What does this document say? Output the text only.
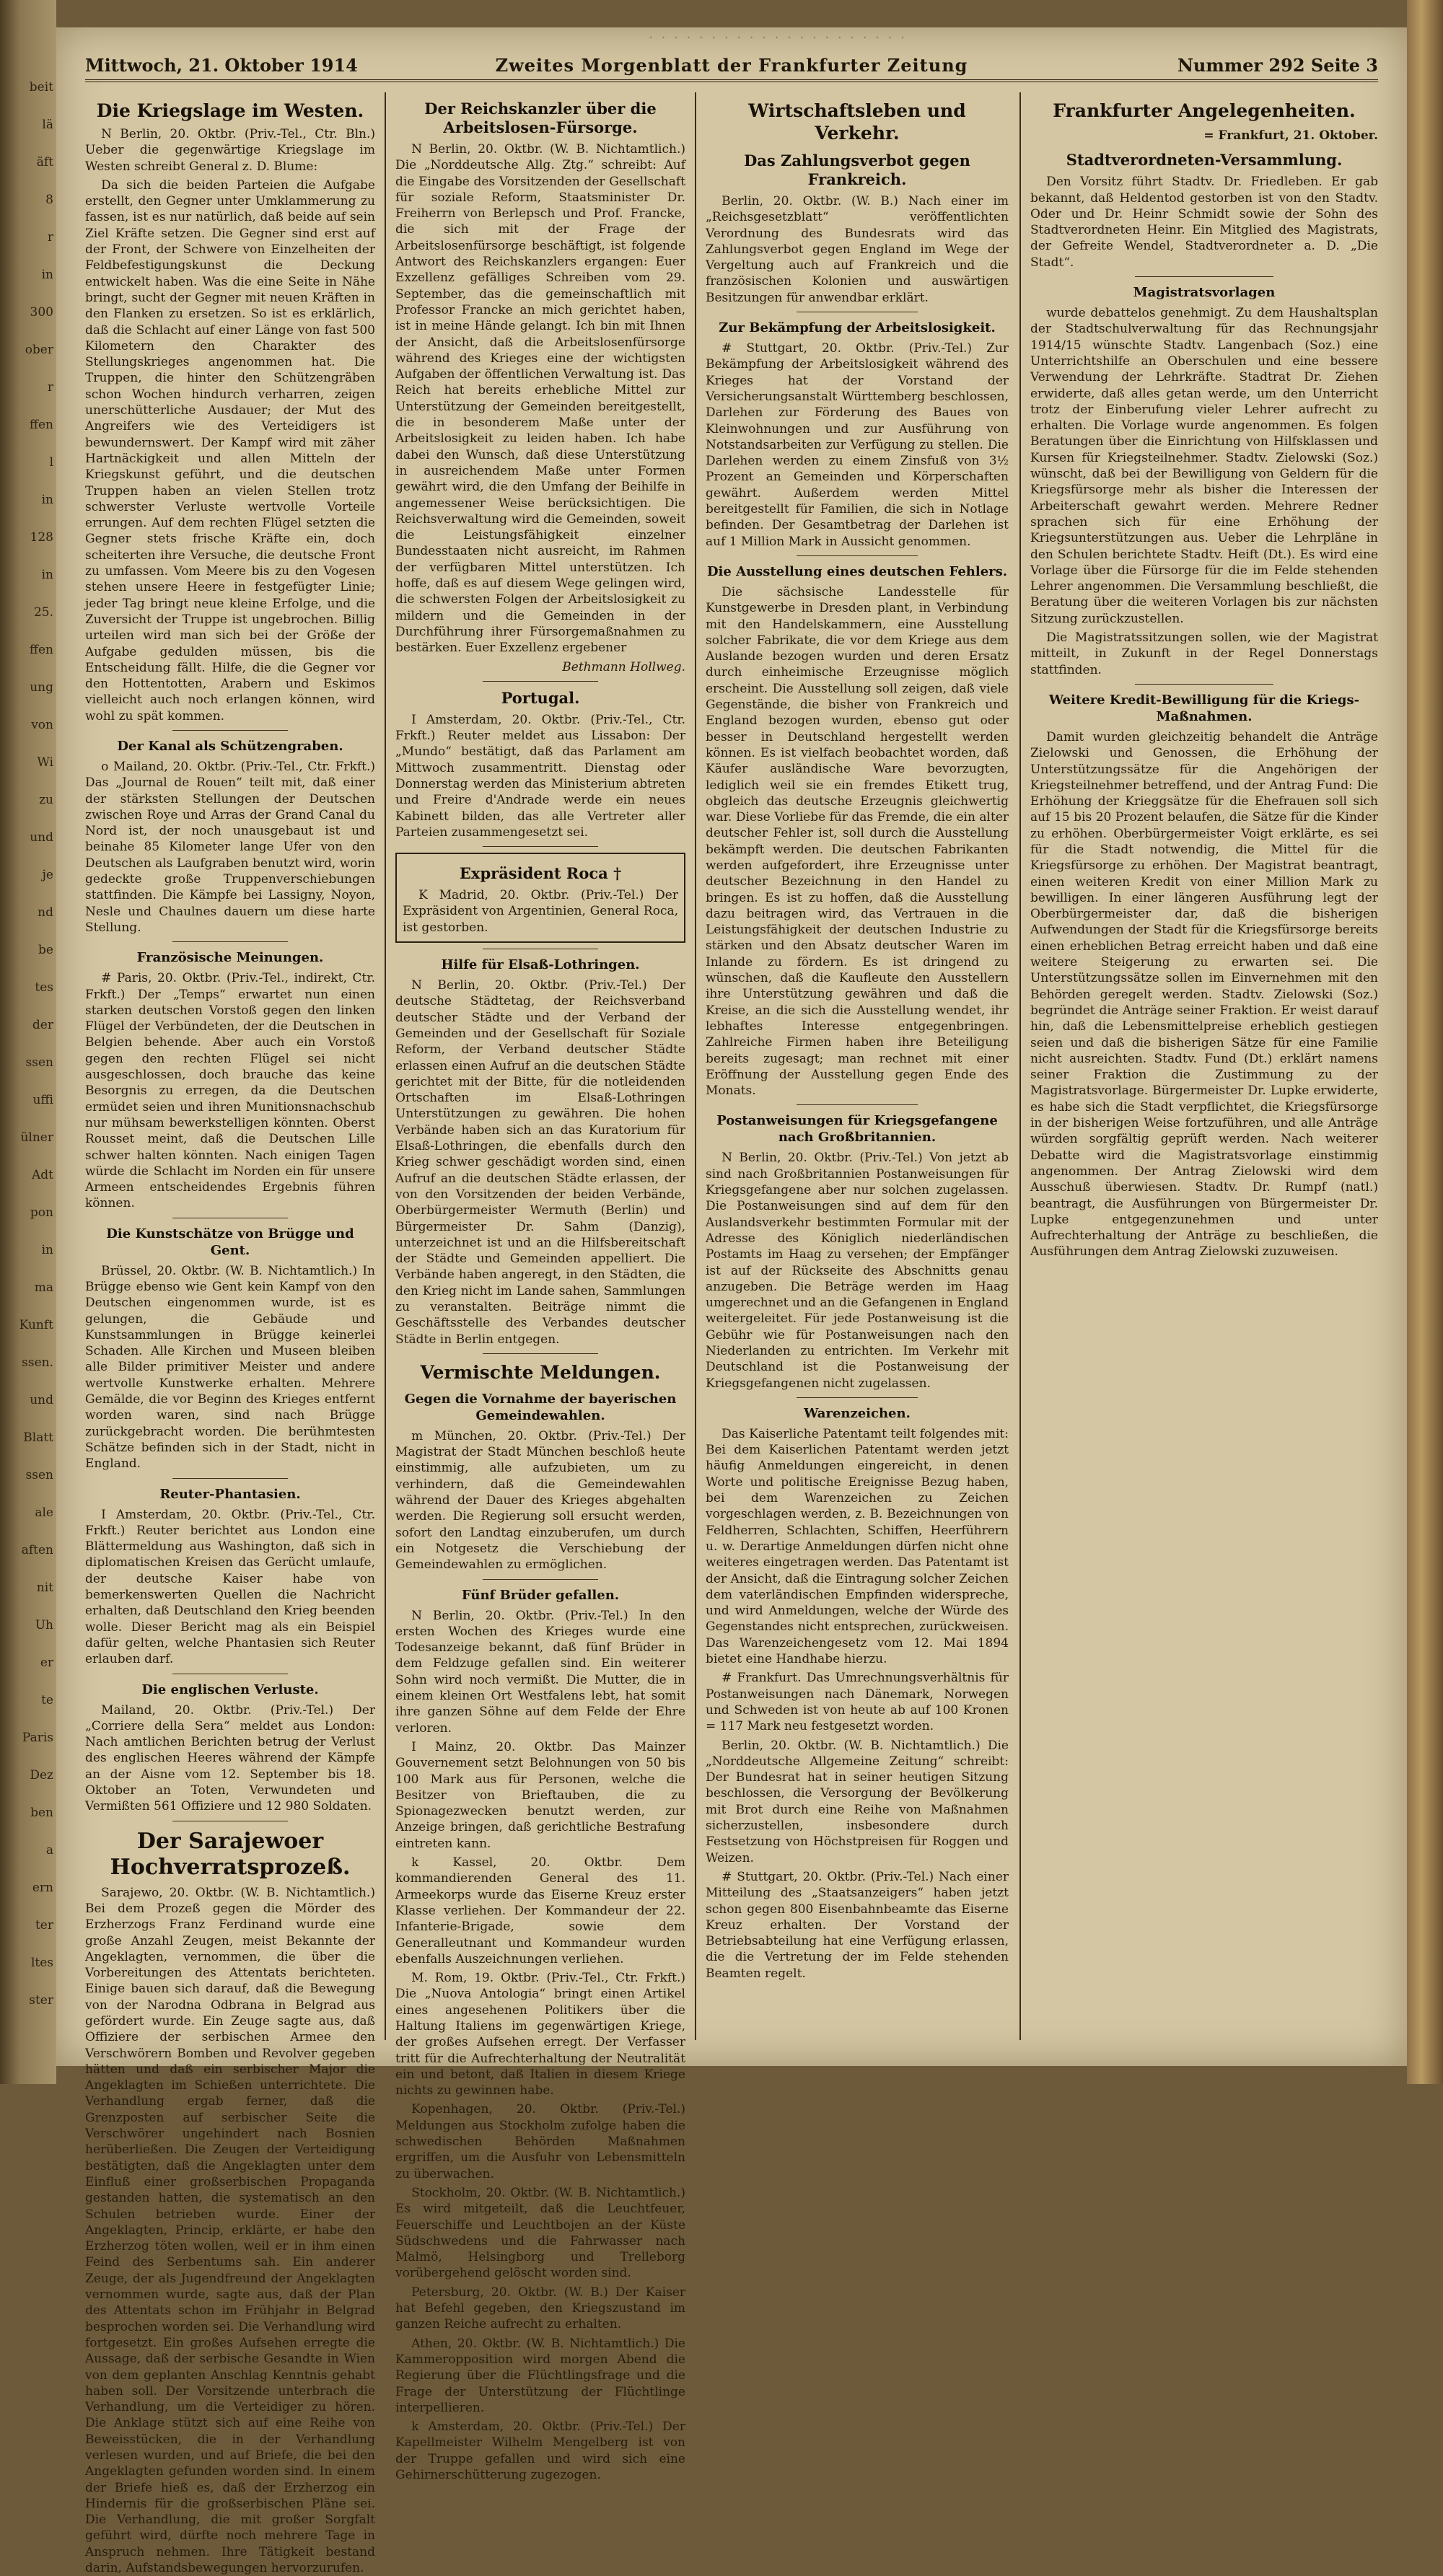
beit
lä
äft
8
r
in
300
ober
r
ffen
l
in
128
in
25.
ffen
ung
von
Wi
zu
und
je
nd
be
tes
der
ssen
uffi
ülner
Adt
pon
in
ma
Kunft
ssen.
und
Blatt
ssen
ale
aften
nit
Uh
er
te
Paris
Dez
ben
a
ern
ter
ltes
ster
· · · · · · · · · · · · · · · · · · · · ·
Mittwoch, 21. Oktober 1914	Zweites Morgenblatt der Frankfurter Zeitung	Nummer 292 Seite 3
Die Kriegslage im Westen.

N Berlin, 20. Oktbr. (Priv.-Tel., Ctr. Bln.) Ueber die gegenwärtige Kriegslage im Westen schreibt General z. D. Blume:

Da sich die beiden Parteien die Aufgabe erstellt, den Gegner unter Umklammerung zu fassen, ist es nur natürlich, daß beide auf sein Ziel Kräfte setzen. Die Gegner sind erst auf der Front, der Schwere von Einzelheiten der Feldbefestigungskunst die Deckung entwickelt haben. Was die eine Seite in Nähe bringt, sucht der Gegner mit neuen Kräften in den Flanken zu ersetzen. So ist es erklärlich, daß die Schlacht auf einer Länge von fast 500 Kilometern den Charakter des Stellungskrieges angenommen hat. Die Truppen, die hinter den Schützengräben schon Wochen hindurch verharren, zeigen unerschütterliche Ausdauer; der Mut des Angreifers wie des Verteidigers ist bewundernswert. Der Kampf wird mit zäher Hartnäckigkeit und allen Mitteln der Kriegskunst geführt, und die deutschen Truppen haben an vielen Stellen trotz schwerster Verluste wertvolle Vorteile errungen. Auf dem rechten Flügel setzten die Gegner stets frische Kräfte ein, doch scheiterten ihre Versuche, die deutsche Front zu umfassen. Vom Meere bis zu den Vogesen stehen unsere Heere in festgefügter Linie; jeder Tag bringt neue kleine Erfolge, und die Zuversicht der Truppe ist ungebrochen. Billig urteilen wird man sich bei der Größe der Aufgabe gedulden müssen, bis die Entscheidung fällt. Hilfe, die die Gegner vor den Hottentotten, Arabern und Eskimos vielleicht auch noch erlangen können, wird wohl zu spät kommen.

Der Kanal als Schützengraben.

o Mailand, 20. Oktbr. (Priv.-Tel., Ctr. Frkft.) Das „Journal de Rouen“ teilt mit, daß einer der stärksten Stellungen der Deutschen zwischen Roye und Arras der Grand Canal du Nord ist, der noch unausgebaut ist und beinahe 85 Kilometer lange Ufer von den Deutschen als Laufgraben benutzt wird, worin gedeckte große Truppenverschiebungen stattfinden. Die Kämpfe bei Lassigny, Noyon, Nesle und Chaulnes dauern um diese harte Stellung.

Französische Meinungen.

# Paris, 20. Oktbr. (Priv.-Tel., indirekt, Ctr. Frkft.) Der „Temps“ erwartet nun einen starken deutschen Vorstoß gegen den linken Flügel der Verbündeten, der die Deutschen in Belgien behende. Aber auch ein Vorstoß gegen den rechten Flügel sei nicht ausgeschlossen, doch brauche das keine Besorgnis zu erregen, da die Deutschen ermüdet seien und ihren Munitionsnachschub nur mühsam bewerkstelligen könnten. Oberst Rousset meint, daß die Deutschen Lille schwer halten könnten. Nach einigen Tagen würde die Schlacht im Norden ein für unsere Armeen entscheidendes Ergebnis führen können.

Die Kunstschätze von Brügge und Gent.

Brüssel, 20. Oktbr. (W. B. Nichtamtlich.) In Brügge ebenso wie Gent kein Kampf von den Deutschen eingenommen wurde, ist es gelungen, die Gebäude und Kunstsammlungen in Brügge keinerlei Schaden. Alle Kirchen und Museen bleiben alle Bilder primitiver Meister und andere wertvolle Kunstwerke erhalten. Mehrere Gemälde, die vor Beginn des Krieges entfernt worden waren, sind nach Brügge zurückgebracht worden. Die berühmtesten Schätze befinden sich in der Stadt, nicht in England.

Reuter-Phantasien.

I Amsterdam, 20. Oktbr. (Priv.-Tel., Ctr. Frkft.) Reuter berichtet aus London eine Blättermeldung aus Washington, daß sich in diplomatischen Kreisen das Gerücht umlaufe, der deutsche Kaiser habe von bemerkenswerten Quellen die Nachricht erhalten, daß Deutschland den Krieg beenden wolle. Dieser Bericht mag als ein Beispiel dafür gelten, welche Phantasien sich Reuter erlauben darf.

Die englischen Verluste.

Mailand, 20. Oktbr. (Priv.-Tel.) Der „Corriere della Sera“ meldet aus London: Nach amtlichen Berichten betrug der Verlust des englischen Heeres während der Kämpfe an der Aisne vom 12. September bis 18. Oktober an Toten, Verwundeten und Vermißten 561 Offiziere und 12 980 Soldaten.

Der Sarajewoer Hochverratsprozeß.

Sarajewo, 20. Oktbr. (W. B. Nichtamtlich.) Bei dem Prozeß gegen die Mörder des Erzherzogs Franz Ferdinand wurde eine große Anzahl Zeugen, meist Bekannte der Angeklagten, vernommen, die über die Vorbereitungen des Attentats berichteten. Einige bauen sich darauf, daß die Bewegung von der Narodna Odbrana in Belgrad aus gefördert wurde. Ein Zeuge sagte aus, daß Offiziere der serbischen Armee den Verschwörern Bomben und Revolver gegeben hätten und daß ein serbischer Major die Angeklagten im Schießen unterrichtete. Die Verhandlung ergab ferner, daß die Grenzposten auf serbischer Seite die Verschwörer ungehindert nach Bosnien herüberließen. Die Zeugen der Verteidigung bestätigten, daß die Angeklagten unter dem Einfluß einer großserbischen Propaganda gestanden hatten, die systematisch an den Schulen betrieben wurde. Einer der Angeklagten, Princip, erklärte, er habe den Erzherzog töten wollen, weil er in ihm einen Feind des Serbentums sah. Ein anderer Zeuge, der als Jugendfreund der Angeklagten vernommen wurde, sagte aus, daß der Plan des Attentats schon im Frühjahr in Belgrad besprochen worden sei. Die Verhandlung wird fortgesetzt. Ein großes Aufsehen erregte die Aussage, daß der serbische Gesandte in Wien von dem geplanten Anschlag Kenntnis gehabt haben soll. Der Vorsitzende unterbrach die Verhandlung, um die Verteidiger zu hören. Die Anklage stützt sich auf eine Reihe von Beweisstücken, die in der Verhandlung verlesen wurden, und auf Briefe, die bei den Angeklagten gefunden worden sind. In einem der Briefe hieß es, daß der Erzherzog ein Hindernis für die großserbischen Pläne sei. Die Verhandlung, die mit großer Sorgfalt geführt wird, dürfte noch mehrere Tage in Anspruch nehmen. Ihre Tätigkeit bestand darin, Aufstandsbewegungen hervorzurufen.

Der Reichskanzler über die Arbeitslosen-Fürsorge.

N Berlin, 20. Oktbr. (W. B. Nichtamtlich.) Die „Norddeutsche Allg. Ztg.“ schreibt: Auf die Eingabe des Vorsitzenden der Gesellschaft für soziale Reform, Staatsminister Dr. Freiherrn von Berlepsch und Prof. Francke, die sich mit der Frage der Arbeitslosenfürsorge beschäftigt, ist folgende Antwort des Reichskanzlers ergangen: Euer Exzellenz gefälliges Schreiben vom 29. September, das die gemeinschaftlich mit Professor Francke an mich gerichtet haben, ist in meine Hände gelangt. Ich bin mit Ihnen der Ansicht, daß die Arbeitslosenfürsorge während des Krieges eine der wichtigsten Aufgaben der öffentlichen Verwaltung ist. Das Reich hat bereits erhebliche Mittel zur Unterstützung der Gemeinden bereitgestellt, die in besonderem Maße unter der Arbeitslosigkeit zu leiden haben. Ich habe dabei den Wunsch, daß diese Unterstützung in ausreichendem Maße unter Formen gewährt wird, die den Umfang der Beihilfe in angemessener Weise berücksichtigen. Die Reichsverwaltung wird die Gemeinden, soweit die Leistungsfähigkeit einzelner Bundesstaaten nicht ausreicht, im Rahmen der verfügbaren Mittel unterstützen. Ich hoffe, daß es auf diesem Wege gelingen wird, die schwersten Folgen der Arbeitslosigkeit zu mildern und die Gemeinden in der Durchführung ihrer Fürsorgemaßnahmen zu bestärken. Euer Exzellenz ergebener

Bethmann Hollweg.
Portugal.

I Amsterdam, 20. Oktbr. (Priv.-Tel., Ctr. Frkft.) Reuter meldet aus Lissabon: Der „Mundo“ bestätigt, daß das Parlament am Mittwoch zusammentritt. Dienstag oder Donnerstag werden das Ministerium abtreten und Freire d'Andrade werde ein neues Kabinett bilden, das alle Vertreter aller Parteien zusammengesetzt sei.

Expräsident Roca †

K Madrid, 20. Oktbr. (Priv.-Tel.) Der Expräsident von Argentinien, General Roca, ist gestorben.

Hilfe für Elsaß-Lothringen.

N Berlin, 20. Oktbr. (Priv.-Tel.) Der deutsche Städtetag, der Reichsverband deutscher Städte und der Verband der Gemeinden und der Gesellschaft für Soziale Reform, der Verband deutscher Städte erlassen einen Aufruf an die deutschen Städte gerichtet mit der Bitte, für die notleidenden Ortschaften im Elsaß-Lothringen Unterstützungen zu gewähren. Die hohen Verbände haben sich an das Kuratorium für Elsaß-Lothringen, die ebenfalls durch den Krieg schwer geschädigt worden sind, einen Aufruf an die deutschen Städte erlassen, der von den Vorsitzenden der beiden Verbände, Oberbürgermeister Wermuth (Berlin) und Bürgermeister Dr. Sahm (Danzig), unterzeichnet ist und an die Hilfsbereitschaft der Städte und Gemeinden appelliert. Die Verbände haben angeregt, in den Städten, die den Krieg nicht im Lande sahen, Sammlungen zu veranstalten. Beiträge nimmt die Geschäftsstelle des Verbandes deutscher Städte in Berlin entgegen.

Vermischte Meldungen.
Gegen die Vornahme der bayerischen Gemeindewahlen.

m München, 20. Oktbr. (Priv.-Tel.) Der Magistrat der Stadt München beschloß heute einstimmig, alle aufzubieten, um zu verhindern, daß die Gemeindewahlen während der Dauer des Krieges abgehalten werden. Die Regierung soll ersucht werden, sofort den Landtag einzuberufen, um durch ein Notgesetz die Verschiebung der Gemeindewahlen zu ermöglichen.

Fünf Brüder gefallen.

N Berlin, 20. Oktbr. (Priv.-Tel.) In den ersten Wochen des Krieges wurde eine Todesanzeige bekannt, daß fünf Brüder in dem Feldzuge gefallen sind. Ein weiterer Sohn wird noch vermißt. Die Mutter, die in einem kleinen Ort Westfalens lebt, hat somit ihre ganzen Söhne auf dem Felde der Ehre verloren.

I Mainz, 20. Oktbr. Das Mainzer Gouvernement setzt Belohnungen von 50 bis 100 Mark aus für Personen, welche die Besitzer von Brieftauben, die zu Spionagezwecken benutzt werden, zur Anzeige bringen, daß gerichtliche Bestrafung eintreten kann.

k Kassel, 20. Oktbr. Dem kommandierenden General des 11. Armeekorps wurde das Eiserne Kreuz erster Klasse verliehen. Der Kommandeur der 22. Infanterie-Brigade, sowie dem Generalleutnant und Kommandeur wurden ebenfalls Auszeichnungen verliehen.

M. Rom, 19. Oktbr. (Priv.-Tel., Ctr. Frkft.) Die „Nuova Antologia“ bringt einen Artikel eines angesehenen Politikers über die Haltung Italiens im gegenwärtigen Kriege, der großes Aufsehen erregt. Der Verfasser tritt für die Aufrechterhaltung der Neutralität ein und betont, daß Italien in diesem Kriege nichts zu gewinnen habe.

Kopenhagen, 20. Oktbr. (Priv.-Tel.) Meldungen aus Stockholm zufolge haben die schwedischen Behörden Maßnahmen ergriffen, um die Ausfuhr von Lebensmitteln zu überwachen.

Stockholm, 20. Oktbr. (W. B. Nichtamtlich.) Es wird mitgeteilt, daß die Leuchtfeuer, Feuerschiffe und Leuchtbojen an der Küste Südschwedens und die Fahrwasser nach Malmö, Helsingborg und Trelleborg vorübergehend gelöscht worden sind.

Petersburg, 20. Oktbr. (W. B.) Der Kaiser hat Befehl gegeben, den Kriegszustand im ganzen Reiche aufrecht zu erhalten.

Athen, 20. Oktbr. (W. B. Nichtamtlich.) Die Kammeropposition wird morgen Abend die Regierung über die Flüchtlingsfrage und die Frage der Unterstützung der Flüchtlinge interpellieren.

k Amsterdam, 20. Oktbr. (Priv.-Tel.) Der Kapellmeister Wilhelm Mengelberg ist von der Truppe gefallen und wird sich eine Gehirnerschütterung zugezogen.

Wirtschaftsleben und Verkehr.
Das Zahlungsverbot gegen Frankreich.

Berlin, 20. Oktbr. (W. B.) Nach einer im „Reichsgesetzblatt“ veröffentlichten Verordnung des Bundesrats wird das Zahlungsverbot gegen England im Wege der Vergeltung auch auf Frankreich und die französischen Kolonien und auswärtigen Besitzungen für anwendbar erklärt.

Zur Bekämpfung der Arbeitslosigkeit.

# Stuttgart, 20. Oktbr. (Priv.-Tel.) Zur Bekämpfung der Arbeitslosigkeit während des Krieges hat der Vorstand der Versicherungsanstalt Württemberg beschlossen, Darlehen zur Förderung des Baues von Kleinwohnungen und zur Ausführung von Notstandsarbeiten zur Verfügung zu stellen. Die Darlehen werden zu einem Zinsfuß von 3½ Prozent an Gemeinden und Körperschaften gewährt. Außerdem werden Mittel bereitgestellt für Familien, die sich in Notlage befinden. Der Gesamtbetrag der Darlehen ist auf 1 Million Mark in Aussicht genommen.

Die Ausstellung eines deutschen Fehlers.

Die sächsische Landesstelle für Kunstgewerbe in Dresden plant, in Verbindung mit den Handelskammern, eine Ausstellung solcher Fabrikate, die vor dem Kriege aus dem Auslande bezogen wurden und deren Ersatz durch einheimische Erzeugnisse möglich erscheint. Die Ausstellung soll zeigen, daß viele Gegenstände, die bisher von Frankreich und England bezogen wurden, ebenso gut oder besser in Deutschland hergestellt werden können. Es ist vielfach beobachtet worden, daß Käufer ausländische Ware bevorzugten, lediglich weil sie ein fremdes Etikett trug, obgleich das deutsche Erzeugnis gleichwertig war. Diese Vorliebe für das Fremde, die ein alter deutscher Fehler ist, soll durch die Ausstellung bekämpft werden. Die deutschen Fabrikanten werden aufgefordert, ihre Erzeugnisse unter deutscher Bezeichnung in den Handel zu bringen. Es ist zu hoffen, daß die Ausstellung dazu beitragen wird, das Vertrauen in die Leistungsfähigkeit der deutschen Industrie zu stärken und den Absatz deutscher Waren im Inlande zu fördern. Es ist dringend zu wünschen, daß die Kaufleute den Ausstellern ihre Unterstützung gewähren und daß die Kreise, an die sich die Ausstellung wendet, ihr lebhaftes Interesse entgegenbringen. Zahlreiche Firmen haben ihre Beteiligung bereits zugesagt; man rechnet mit einer Eröffnung der Ausstellung gegen Ende des Monats.

Postanweisungen für Kriegsgefangene nach Großbritannien.

N Berlin, 20. Oktbr. (Priv.-Tel.) Von jetzt ab sind nach Großbritannien Postanweisungen für Kriegsgefangene aber nur solchen zugelassen. Die Postanweisungen sind auf dem für den Auslandsverkehr bestimmten Formular mit der Adresse des Königlich niederländischen Postamts im Haag zu versehen; der Empfänger ist auf der Rückseite des Abschnitts genau anzugeben. Die Beträge werden im Haag umgerechnet und an die Gefangenen in England weitergeleitet. Für jede Postanweisung ist die Gebühr wie für Postanweisungen nach den Niederlanden zu entrichten. Im Verkehr mit Deutschland ist die Postanweisung der Kriegsgefangenen nicht zugelassen.

Warenzeichen.

Das Kaiserliche Patentamt teilt folgendes mit: Bei dem Kaiserlichen Patentamt werden jetzt häufig Anmeldungen eingereicht, in denen Worte und politische Ereignisse Bezug haben, bei dem Warenzeichen zu Zeichen vorgeschlagen werden, z. B. Bezeichnungen von Feldherren, Schlachten, Schiffen, Heerführern u. w. Derartige Anmeldungen dürfen nicht ohne weiteres eingetragen werden. Das Patentamt ist der Ansicht, daß die Eintragung solcher Zeichen dem vaterländischen Empfinden widerspreche, und wird Anmeldungen, welche der Würde des Gegenstandes nicht entsprechen, zurückweisen. Das Warenzeichengesetz vom 12. Mai 1894 bietet eine Handhabe hierzu.

# Frankfurt. Das Umrechnungsverhältnis für Postanweisungen nach Dänemark, Norwegen und Schweden ist von heute ab auf 100 Kronen = 117 Mark neu festgesetzt worden.

Berlin, 20. Oktbr. (W. B. Nichtamtlich.) Die „Norddeutsche Allgemeine Zeitung“ schreibt: Der Bundesrat hat in seiner heutigen Sitzung beschlossen, die Versorgung der Bevölkerung mit Brot durch eine Reihe von Maßnahmen sicherzustellen, insbesondere durch Festsetzung von Höchstpreisen für Roggen und Weizen.

# Stuttgart, 20. Oktbr. (Priv.-Tel.) Nach einer Mitteilung des „Staatsanzeigers“ haben jetzt schon gegen 800 Eisenbahnbeamte das Eiserne Kreuz erhalten. Der Vorstand der Betriebsabteilung hat eine Verfügung erlassen, die die Vertretung der im Felde stehenden Beamten regelt.

Frankfurter Angelegenheiten.
= Frankfurt, 21. Oktober.
Stadtverordneten-Versammlung.

Den Vorsitz führt Stadtv. Dr. Friedleben. Er gab bekannt, daß Heldentod gestorben ist von den Stadtv. Oder und Dr. Heinr Schmidt sowie der Sohn des Stadtverordneten Heinr. Ein Mitglied des Magistrats, der Gefreite Wendel, Stadtverordneter a. D. „Die Stadt“.

Magistratsvorlagen

wurde debattelos genehmigt. Zu dem Haushaltsplan der Stadtschulverwaltung für das Rechnungsjahr 1914/15 wünschte Stadtv. Langenbach (Soz.) eine Unterrichtshilfe an Oberschulen und eine bessere Verwendung der Lehrkräfte. Stadtrat Dr. Ziehen erwiderte, daß alles getan werde, um den Unterricht trotz der Einberufung vieler Lehrer aufrecht zu erhalten. Die Vorlage wurde angenommen. Es folgen Beratungen über die Einrichtung von Hilfsklassen und Kursen für Kriegsteilnehmer. Stadtv. Zielowski (Soz.) wünscht, daß bei der Bewilligung von Geldern für die Kriegsfürsorge mehr als bisher die Interessen der Arbeiterschaft gewahrt werden. Mehrere Redner sprachen sich für eine Erhöhung der Kriegsunterstützungen aus. Ueber die Lehrpläne in den Schulen berichtete Stadtv. Heift (Dt.). Es wird eine Vorlage über die Fürsorge für die im Felde stehenden Lehrer angenommen. Die Versammlung beschließt, die Beratung über die weiteren Vorlagen bis zur nächsten Sitzung zurückzustellen.

Die Magistratssitzungen sollen, wie der Magistrat mitteilt, in Zukunft in der Regel Donnerstags stattfinden.

Weitere Kredit-Bewilligung für die Kriegs-Maßnahmen.

Damit wurden gleichzeitig behandelt die Anträge Zielowski und Genossen, die Erhöhung der Unterstützungssätze für die Angehörigen der Kriegsteilnehmer betreffend, und der Antrag Fund: Die Erhöhung der Krieggsätze für die Ehefrauen soll sich auf 15 bis 20 Prozent belaufen, die Sätze für die Kinder zu erhöhen. Oberbürgermeister Voigt erklärte, es sei für die Stadt notwendig, die Mittel für die Kriegsfürsorge zu erhöhen. Der Magistrat beantragt, einen weiteren Kredit von einer Million Mark zu bewilligen. In einer längeren Ausführung legt der Oberbürgermeister dar, daß die bisherigen Aufwendungen der Stadt für die Kriegsfürsorge bereits einen erheblichen Betrag erreicht haben und daß eine weitere Steigerung zu erwarten sei. Die Unterstützungssätze sollen im Einvernehmen mit den Behörden geregelt werden. Stadtv. Zielowski (Soz.) begründet die Anträge seiner Fraktion. Er weist darauf hin, daß die Lebensmittelpreise erheblich gestiegen seien und daß die bisherigen Sätze für eine Familie nicht ausreichten. Stadtv. Fund (Dt.) erklärt namens seiner Fraktion die Zustimmung zu der Magistratsvorlage. Bürgermeister Dr. Lupke erwiderte, es habe sich die Stadt verpflichtet, die Kriegsfürsorge in der bisherigen Weise fortzuführen, und alle Anträge würden sorgfältig geprüft werden. Nach weiterer Debatte wird die Magistratsvorlage einstimmig angenommen. Der Antrag Zielowski wird dem Ausschuß überwiesen. Stadtv. Dr. Rumpf (natl.) beantragt, die Ausführungen von Bürgermeister Dr. Lupke entgegenzunehmen und unter Aufrechterhaltung der Anträge zu beschließen, die Ausführungen dem Antrag Zielowski zuzuweisen.
